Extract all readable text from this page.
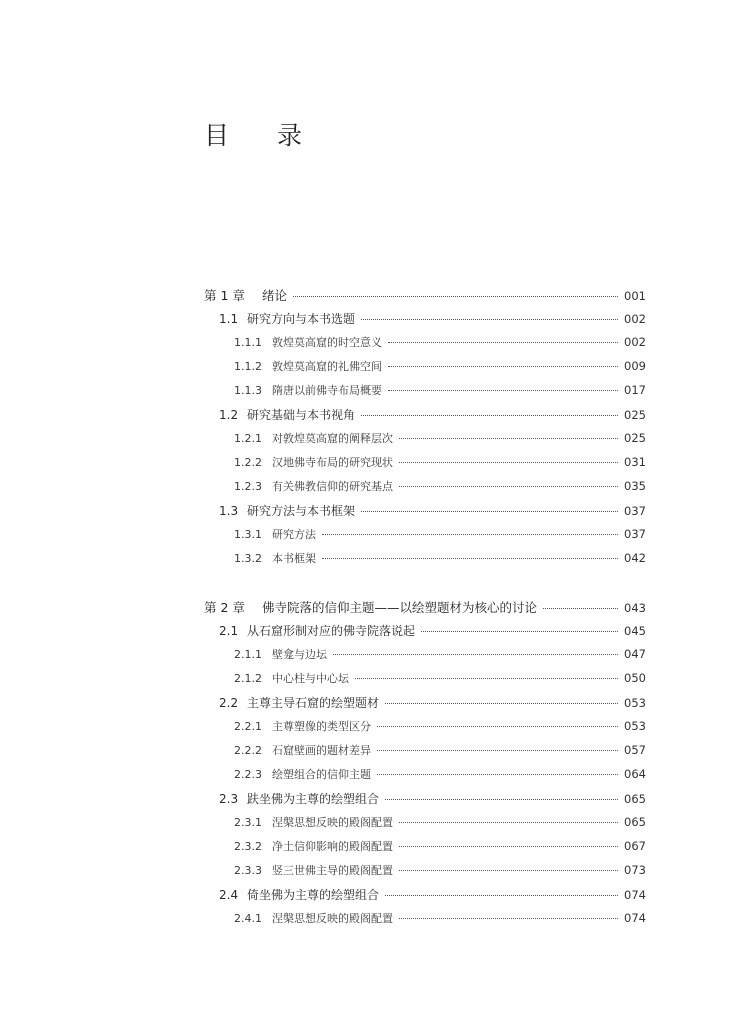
目 录
第 1 章	绪论	001
1.1 研究方向与本书选题	002
1.1.1 敦煌莫高窟的时空意义	002
1.1.2 敦煌莫高窟的礼佛空间	009
1.1.3 隋唐以前佛寺布局概要	017
1.2 研究基础与本书视角	025
1.2.1 对敦煌莫高窟的阐释层次	025
1.2.2 汉地佛寺布局的研究现状	031
1.2.3 有关佛教信仰的研究基点	035
1.3 研究方法与本书框架	037
1.3.1 研究方法	037
1.3.2 本书框架	042
第 2 章	佛寺院落的信仰主题——以绘塑题材为核心的讨论	043
2.1 从石窟形制对应的佛寺院落说起	045
2.1.1 壁龛与边坛	047
2.1.2 中心柱与中心坛	050
2.2 主尊主导石窟的绘塑题材	053
2.2.1 主尊塑像的类型区分	053
2.2.2 石窟壁画的题材差异	057
2.2.3 绘塑组合的信仰主题	064
2.3 趺坐佛为主尊的绘塑组合	065
2.3.1 涅槃思想反映的殿阁配置	065
2.3.2 净土信仰影响的殿阁配置	067
2.3.3 竖三世佛主导的殿阁配置	073
2.4 倚坐佛为主尊的绘塑组合	074
2.4.1 涅槃思想反映的殿阁配置	074
